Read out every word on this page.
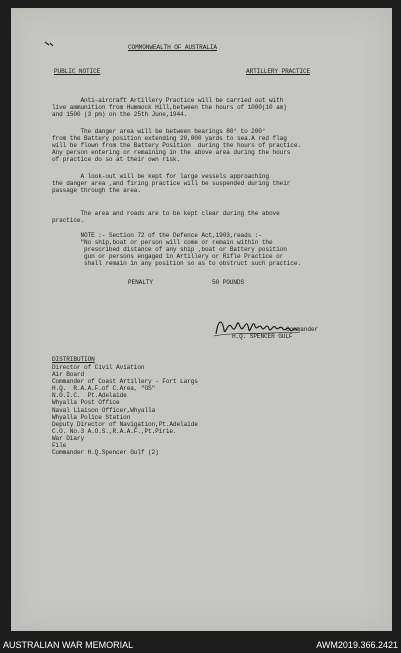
COMMONWEALTH OF AUSTRALIA
PUBLIC NOTICE	ARTILLERY PRACTICE
Anti-aircraft Artillery Practice will be carried out with
live ammunition from Hummock Hill,between the hours of 1000(10 am)
and 1500 (3 pm) on the 25th June,1944.
The danger area will be between bearings 80° to 200°
from the Battery position extending 20,000 yards to sea.A red flag
will be flown from the Battery Position  during the hours of practice.
Any person entering or remaining in the above area during the hours
of practice do so at their own risk.
A look-out will be kept for large vessels approaching
the danger area ,and firing practice will be suspended during their
passage through the area.
The area and roads are to be kept clear during the above
practice.
NOTE :- Section 72 of the Defence Act,1903,reads :-
"No ship,boat or person will come or remain within the
prescribed distance of any ship ,boat or Battery position
gun or persons engaged in Artillery or Rifle Practice or
shall remain in any position so as to obstruct such practice.
PENALTY	50 POUNDS
Commander
H.Q. SPENCER GULF
DISTRIBUTION
Director of Civil Aviation
Air Board
Commander of Coast Artillery - Fort Largs
H.Q.  R.A.A.F.of C.Area, "OS"
N.O.I.C.  Pt.Adelaide
Whyalla Post Office
Naval Liaison Officer,Whyalla
Whyalla Police Station
Deputy Director of Navigation,Pt.Adelaide
C.O. No.3 A.O.S.,R.A.A.F.,Pt.Pirie.
War Diary
File
Commander H.Q.Spencer Gulf (2)
AUSTRALIAN WAR MEMORIAL	AWM2019.366.2421
